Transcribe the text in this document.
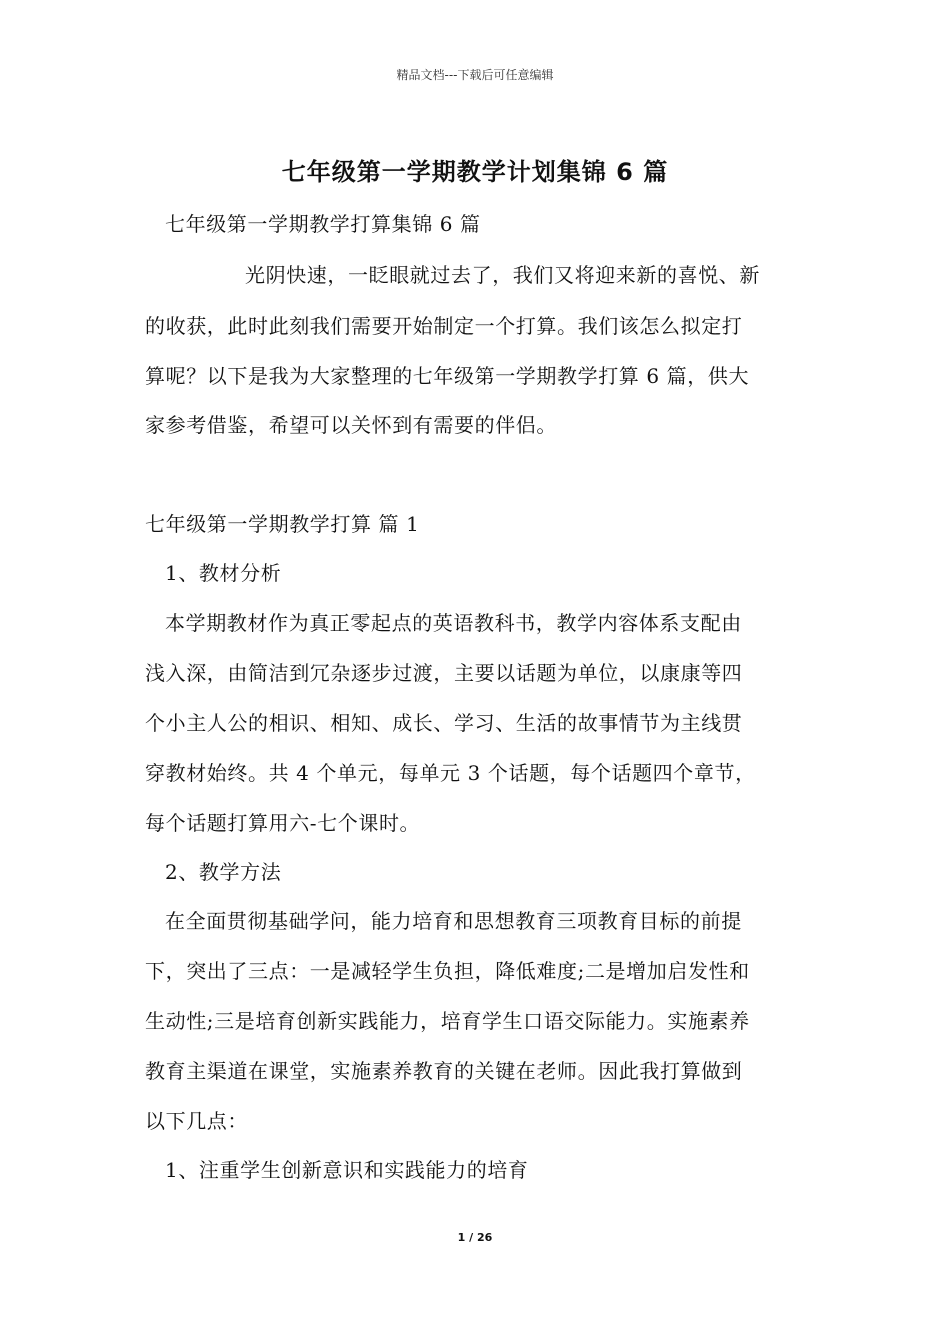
精品文档---下载后可任意编辑
七年级第一学期教学计划集锦 6 篇
七年级第一学期教学打算集锦 6 篇
光阴快速，一眨眼就过去了，我们又将迎来新的喜悦、新
的收获，此时此刻我们需要开始制定一个打算。我们该怎么拟定打
算呢？以下是我为大家整理的七年级第一学期教学打算 6 篇，供大
家参考借鉴，希望可以关怀到有需要的伴侣。
七年级第一学期教学打算 篇 1
1、教材分析
本学期教材作为真正零起点的英语教科书，教学内容体系支配由
浅入深，由简洁到冗杂逐步过渡，主要以话题为单位，以康康等四
个小主人公的相识、相知、成长、学习、生活的故事情节为主线贯
穿教材始终。共 4 个单元，每单元 3 个话题，每个话题四个章节，
每个话题打算用六-七个课时。
2、教学方法
在全面贯彻基础学问，能力培育和思想教育三项教育目标的前提
下，突出了三点：一是减轻学生负担，降低难度;二是增加启发性和
生动性;三是培育创新实践能力，培育学生口语交际能力。实施素养
教育主渠道在课堂，实施素养教育的关键在老师。因此我打算做到
以下几点：
1、注重学生创新意识和实践能力的培育
1 / 26
